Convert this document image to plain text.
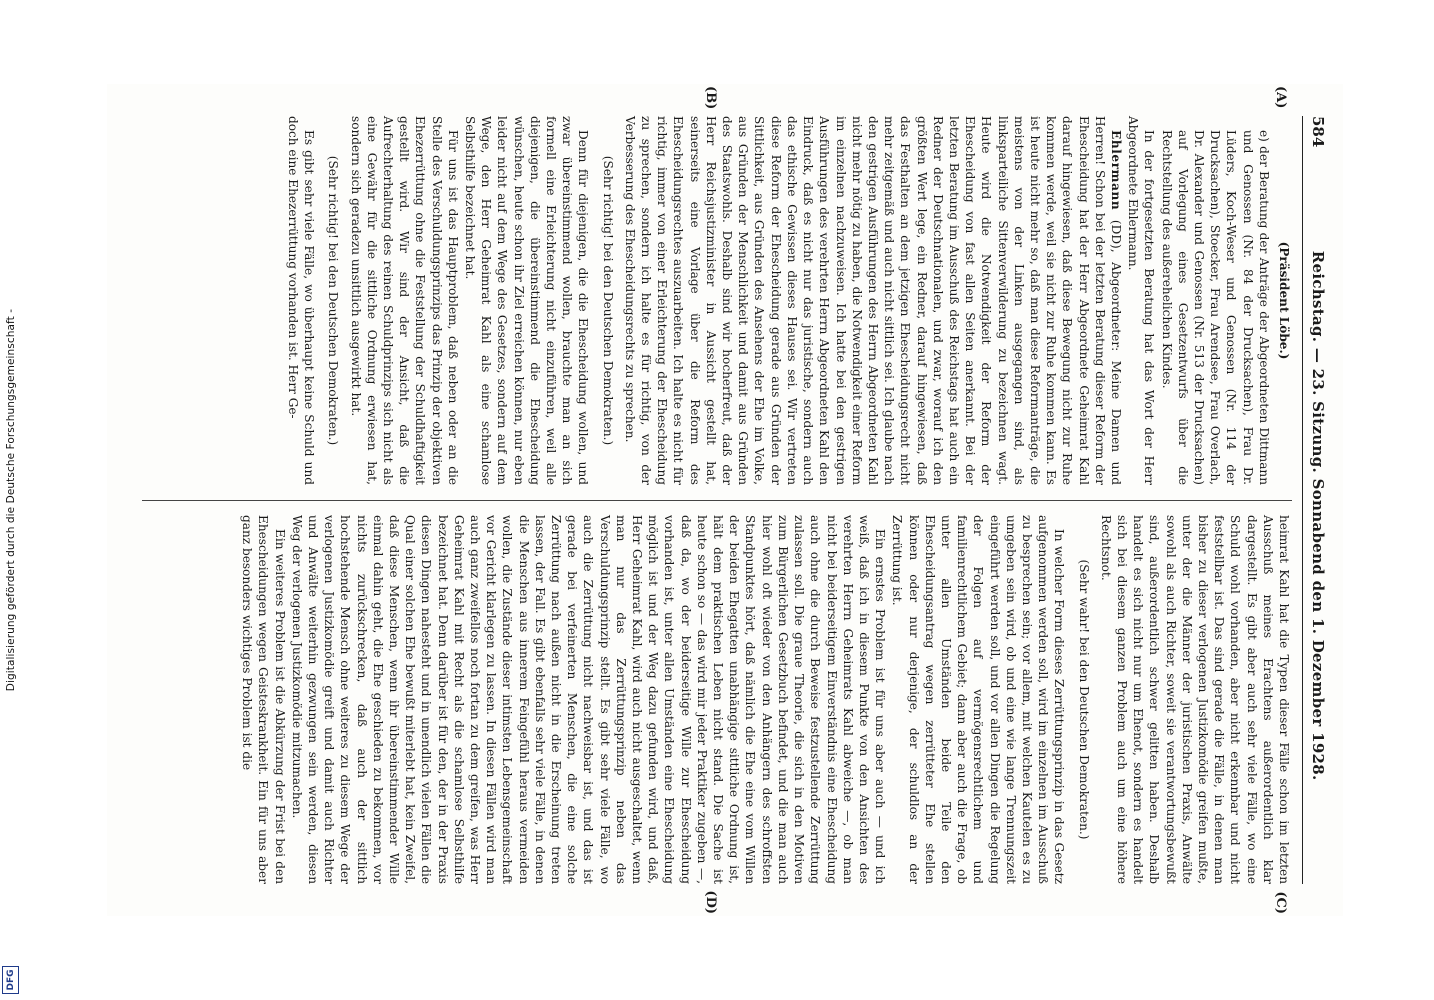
Digitalisierung gefördert durch die Deutsche Forschungsgemeinschaft -
DFG
584
Reichstag. — 23. Sitzung. Sonnabend den 1. Dezember 1928.
(A)
(B)

(Präsident Löbe.)

e) der Beratung der Anträge der Abgeordneten Dittmann und Genossen (Nr. 84 der Drucksachen), Frau Dr. Lüders, Koch-Weser und Genossen (Nr. 114 der Drucksachen), Stoecker, Frau Arendsee, Frau Overlach, Dr. Alexander und Genossen (Nr. 513 der Drucksachen) auf Vorlegung eines Gesetzentwurfs über die Rechtstellung des außerehelichen Kindes.

In der fortgesetzten Beratung hat das Wort der Herr Abgeordnete Ehlermann.

Ehlermann (DD), Abgeordneter: Meine Damen und Herren! Schon bei der letzten Beratung dieser Reform der Ehescheidung hat der Herr Abgeordnete Geheimrat Kahl darauf hingewiesen, daß diese Bewegung nicht zur Ruhe kommen werde, weil sie nicht zur Ruhe kommen kann. Es ist heute nicht mehr so, daß man diese Reformanträge, die meistens von der Linken ausgegangen sind, als linksparteiliche Sittenverwilderung zu bezeichnen wagt. Heute wird die Notwendigkeit der Reform der Ehescheidung von fast allen Seiten anerkannt. Bei der letzten Beratung im Ausschuß des Reichstags hat auch ein Redner der Deutschnationalen, und zwar, worauf ich den größten Wert lege, ein Redner, darauf hingewiesen, daß das Festhalten an dem jetzigen Ehescheidungsrecht nicht mehr zeitgemäß und auch nicht sittlich sei. Ich glaube nach den gestrigen Ausführungen des Herrn Abgeordneten Kahl nicht mehr nötig zu haben, die Notwendigkeit einer Reform im einzelnen nachzuweisen. Ich hatte bei den gestrigen Ausführungen des verehrten Herrn Abgeordneten Kahl den Eindruck, daß es nicht nur das juristische, sondern auch das ethische Gewissen dieses Hauses sei. Wir vertreten diese Reform der Ehescheidung gerade aus Gründen der Sittlichkeit, aus Gründen des Ansehens der Ehe im Volke, aus Gründen der Menschlichkeit und damit aus Gründen des Staatswohls. Deshalb sind wir hocherfreut, daß der Herr Reichsjustizminister in Aussicht gestellt hat, seinerseits eine Vorlage über die Reform des Ehescheidungsrechtes auszuarbeiten. Ich halte es nicht für richtig, immer von einer Erleichterung der Ehescheidung zu sprechen, sondern ich halte es für richtig, von der Verbesserung des Ehescheidungsrechts zu sprechen.

(Sehr richtig! bei den Deutschen Demokraten.)

Denn für diejenigen, die die Ehescheidung wollen, und zwar übereinstimmend wollen, brauchte man an sich formell eine Erleichterung nicht einzuführen, weil alle diejenigen, die übereinstimmend die Ehescheidung wünschen, heute schon ihr Ziel erreichen können, nur eben leider nicht auf dem Wege des Gesetzes, sondern auf dem Wege, den Herr Geheimrat Kahl als eine schamlose Selbsthilfe bezeichnet hat.

Für uns ist das Hauptproblem, daß neben oder an die Stelle des Verschuldungsprinzips das Prinzip der objektiven Ehezerrüttung ohne die Feststellung der Schuldhaftigkeit gestellt wird. Wir sind der Ansicht, daß die Aufrechterhaltung des reinen Schuldprinzips sich nicht als eine Gewähr für die sittliche Ordnung erwiesen hat, sondern sich geradezu unsittlich ausgewirkt hat.

(Sehr richtig! bei den Deutschen Demokraten.)

Es gibt sehr viele Fälle, wo überhaupt keine Schuld und doch eine Ehezerrüttung vorhanden ist. Herr Ge-

(C)
(D)

heimrat Kahl hat die Typen dieser Fälle schon im letzten Ausschuß meines Erachtens außerordentlich klar dargestellt. Es gibt aber auch sehr viele Fälle, wo eine Schuld wohl vorhanden, aber nicht erkennbar und nicht feststellbar ist. Das sind gerade die Fälle, in denen man bisher zu dieser verlogenen Justizkomödie greifen mußte, unter der die Männer der juristischen Praxis, Anwälte sowohl als auch Richter, soweit sie verantwortungsbewußt sind, außerordentlich schwer gelitten haben. Deshalb handelt es sich nicht nur um Ehenot, sondern es handelt sich bei diesem ganzen Problem auch um eine höhere Rechtsnot.

(Sehr wahr! bei den Deutschen Demokraten.)

In welcher Form dieses Zerrüttungsprinzip in das Gesetz aufgenommen werden soll, wird im einzelnen im Ausschuß zu besprechen sein; vor allem, mit welchen Kautelen es zu umgeben sein wird, ob und eine wie lange Trennungszeit eingeführt werden soll, und vor allen Dingen die Regelung der Folgen auf vermögensrechtlichem und familienrechtlichem Gebiet; dann aber auch die Frage, ob unter allen Umständen beide Teile den Ehescheidungsantrag wegen zerrütteter Ehe stellen können oder nur derjenige, der schuldlos an der Zerrüttung ist.

Ein ernstes Problem ist für uns aber auch — und ich weiß, daß ich in diesem Punkte von den Ansichten des verehrten Herrn Geheimrats Kahl abweiche —, ob man nicht bei beiderseitigem Einverständnis eine Ehescheidung auch ohne die durch Beweise festzustellende Zerrüttung zulassen soll. Die graue Theorie, die sich in den Motiven zum Bürgerlichen Gesetzbuch befindet, und die man auch hier wohl oft wieder von den Anhängern des schroffsten Standpunktes hört, daß nämlich die Ehe eine vom Willen der beiden Ehegatten unabhängige sittliche Ordnung ist, hält dem praktischen Leben nicht stand. Die Sache ist heute schon so — das wird mir jeder Praktiker zugeben —, daß da, wo der beiderseitige Wille zur Ehescheidung vorhanden ist, unter allen Umständen eine Ehescheidung möglich ist und der Weg dazu gefunden wird, und daß, Herr Geheimrat Kahl, wird auch nicht ausgeschaltet, wenn man nur das Zerrüttungsprinzip neben das Verschuldungsprinzip stellt. Es gibt sehr viele Fälle, wo auch die Zerrüttung nicht nachweisbar ist, und das ist gerade bei verfeinerten Menschen, die eine solche Zerrüttung nach außen nicht in die Erscheinung treten lassen, der Fall. Es gibt ebenfalls sehr viele Fälle, in denen die Menschen aus innerem Feingefühl heraus vermeiden wollen, die Zustände dieser intimsten Lebensgemeinschaft vor Gericht klarlegen zu lassen. In diesen Fällen wird man auch ganz zweifellos noch fortan zu dem greifen, was Herr Geheimrat Kahl mit Recht als die schamlose Selbsthilfe bezeichnet hat. Denn darüber ist für den, der in der Praxis diesen Dingen nahesteht und in unendlich vielen Fällen die Qual einer solchen Ehe bewußt miterlebt hat, kein Zweifel, daß diese Menschen, wenn ihr übereinstimmender Wille einmal dahin geht, die Ehe geschieden zu bekommen, vor nichts zurückschrecken, daß auch der sittlich hochstehende Mensch ohne weiteres zu diesem Wege der verlogenen Justizkomödie greift und damit auch Richter und Anwälte weiterhin gezwungen sein werden, diesen Weg der verlogenen Justizkomödie mitzumachen.

Ein weiteres Problem ist die Abkürzung der Frist bei den Ehescheidungen wegen Geisteskrankheit. Ein für uns aber ganz besonders wichtiges Problem ist die
